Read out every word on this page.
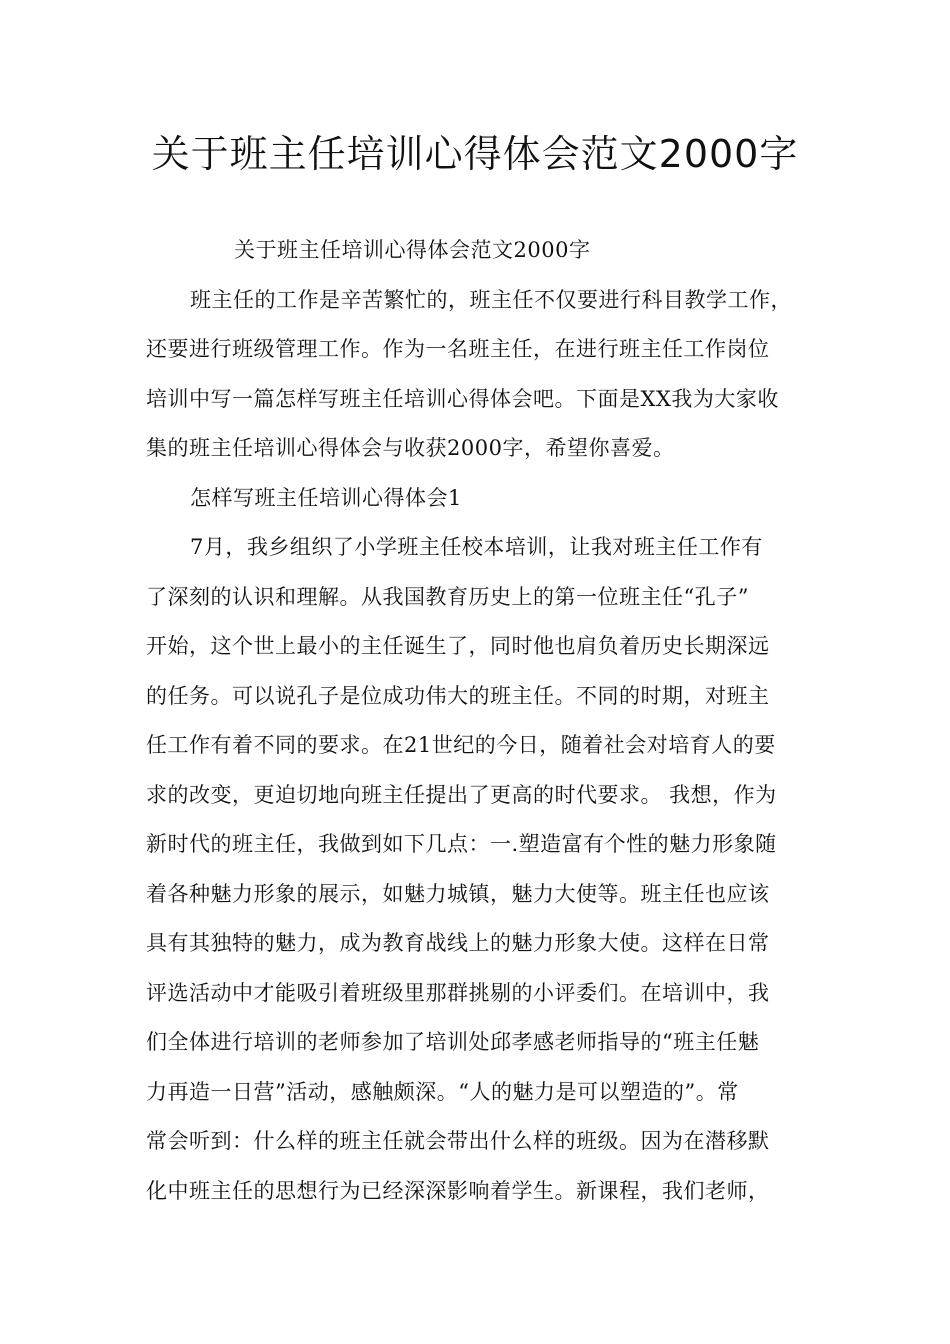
关于班主任培训心得体会范文2000字
关于班主任培训心得体会范文2000字
班主任的工作是辛苦繁忙的，班主任不仅要进行科目教学工作，
还要进行班级管理工作。作为一名班主任，在进行班主任工作岗位
培训中写一篇怎样写班主任培训心得体会吧。下面是XX我为大家收
集的班主任培训心得体会与收获2000字，希望你喜爱。
怎样写班主任培训心得体会1
7月，我乡组织了小学班主任校本培训，让我对班主任工作有
了深刻的认识和理解。从我国教育历史上的第一位班主任“孔子”
开始，这个世上最小的主任诞生了，同时他也肩负着历史长期深远
的任务。可以说孔子是位成功伟大的班主任。不同的时期，对班主
任工作有着不同的要求。在21世纪的今日，随着社会对培育人的要
求的改变，更迫切地向班主任提出了更高的时代要求。 我想，作为
新时代的班主任，我做到如下几点：一.塑造富有个性的魅力形象随
着各种魅力形象的展示，如魅力城镇，魅力大使等。班主任也应该
具有其独特的魅力，成为教育战线上的魅力形象大使。这样在日常
评选活动中才能吸引着班级里那群挑剔的小评委们。在培训中，我
们全体进行培训的老师参加了培训处邱孝感老师指导的“班主任魅
力再造一日营”活动，感触颇深。“人的魅力是可以塑造的”。常
常会听到：什么样的班主任就会带出什么样的班级。因为在潜移默
化中班主任的思想行为已经深深影响着学生。新课程，我们老师，
